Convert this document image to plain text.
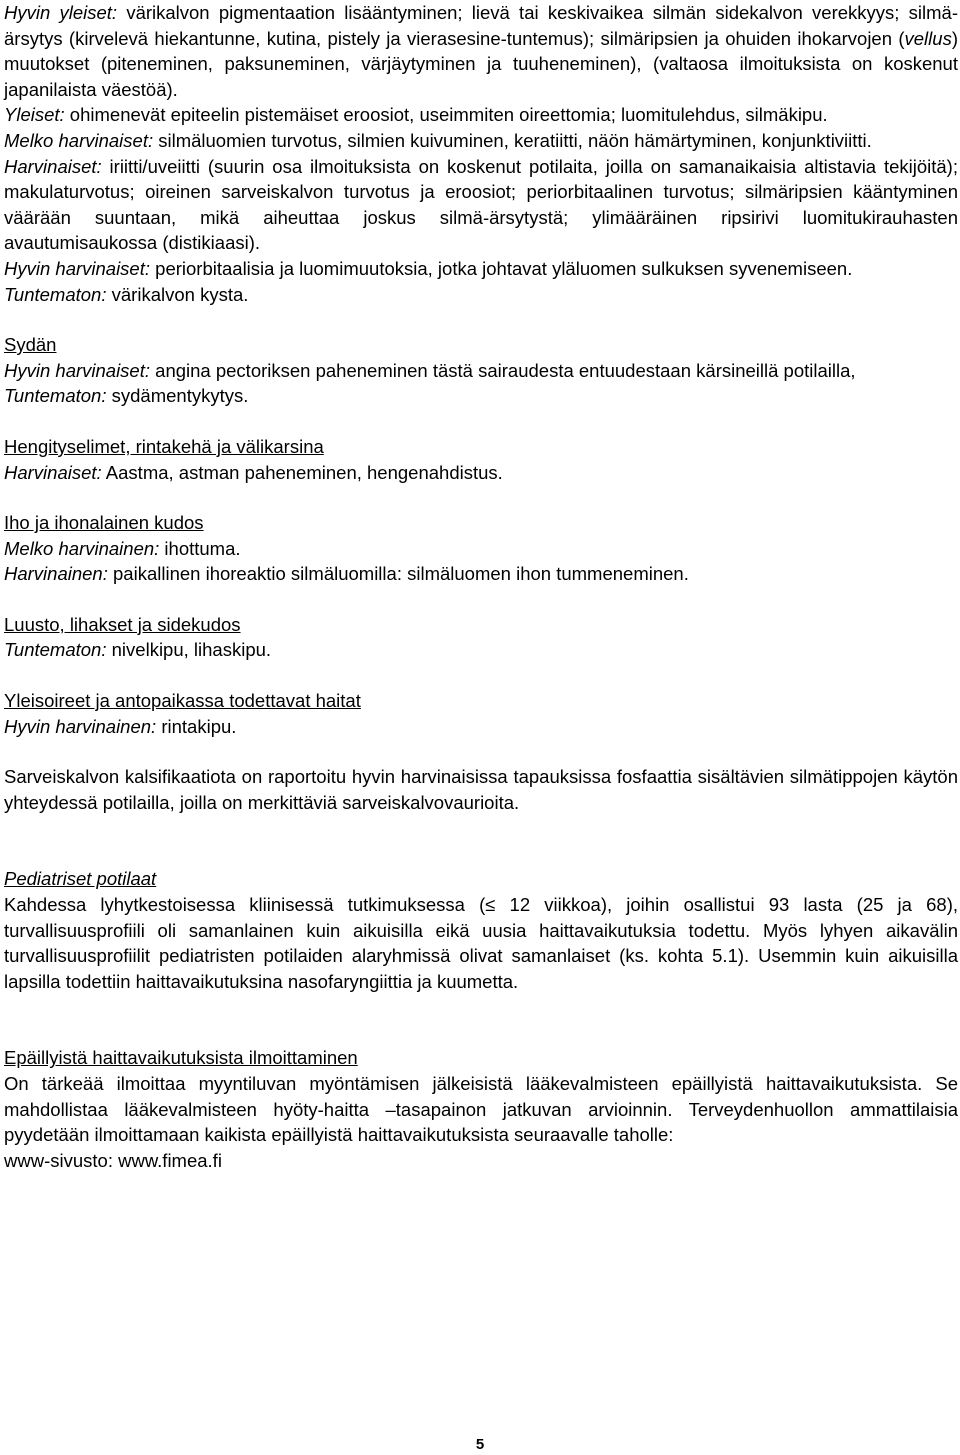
Hyvin yleiset: värikalvon pigmentaation lisääntyminen; lievä tai keskivaikea silmän sidekalvon verekkyys; silmä-ärsytys (kirvelevä hiekantunne, kutina, pistely ja vierasesine-tuntemus); silmäripsien ja ohuiden ihokarvojen (vellus) muutokset (piteneminen, paksuneminen, värjäytyminen ja tuuheneminen), (valtaosa ilmoituksista on koskenut japanilaista väestöä).

Yleiset: ohimenevät epiteelin pistemäiset eroosiot, useimmiten oireettomia; luomitulehdus, silmäkipu.

Melko harvinaiset: silmäluomien turvotus, silmien kuivuminen, keratiitti, näön hämärtyminen, konjunktiviitti.

Harvinaiset: iriitti/uveiitti (suurin osa ilmoituksista on koskenut potilaita, joilla on samanaikaisia altistavia tekijöitä); makulaturvotus; oireinen sarveiskalvon turvotus ja eroosiot; periorbitaalinen turvotus; silmäripsien kääntyminen väärään suuntaan, mikä aiheuttaa joskus silmä-ärsytystä; ylimääräinen ripsirivi luomitukirauhasten avautumisaukossa (distikiaasi).

Hyvin harvinaiset: periorbitaalisia ja luomimuutoksia, jotka johtavat yläluomen sulkuksen syvenemiseen.

Tuntematon: värikalvon kysta.

Sydän

Hyvin harvinaiset: angina pectoriksen paheneminen tästä sairaudesta entuudestaan kärsineillä potilailla,

Tuntematon: sydämentykytys.

Hengityselimet, rintakehä ja välikarsina

Harvinaiset: Aastma, astman paheneminen, hengenahdistus.

Iho ja ihonalainen kudos

Melko harvinainen: ihottuma.

Harvinainen: paikallinen ihoreaktio silmäluomilla: silmäluomen ihon tummeneminen.

Luusto, lihakset ja sidekudos

Tuntematon: nivelkipu, lihaskipu.

Yleisoireet ja antopaikassa todettavat haitat

Hyvin harvinainen: rintakipu.

Sarveiskalvon kalsifikaatiota on raportoitu hyvin harvinaisissa tapauksissa fosfaattia sisältävien silmätippojen käytön yhteydessä potilailla, joilla on merkittäviä sarveiskalvovaurioita.

Pediatriset potilaat

Kahdessa lyhytkestoisessa kliinisessä tutkimuksessa (≤ 12 viikkoa), joihin osallistui 93 lasta (25 ja 68), turvallisuusprofiili oli samanlainen kuin aikuisilla eikä uusia haittavaikutuksia todettu. Myös lyhyen aikavälin turvallisuusprofiilit pediatristen potilaiden alaryhmissä olivat samanlaiset (ks. kohta 5.1). Usemmin kuin aikuisilla lapsilla todettiin haittavaikutuksina nasofaryngiittia ja kuumetta.

Epäillyistä haittavaikutuksista ilmoittaminen

On tärkeää ilmoittaa myyntiluvan myöntämisen jälkeisistä lääkevalmisteen epäillyistä haittavaikutuksista. Se mahdollistaa lääkevalmisteen hyöty-haitta –tasapainon jatkuvan arvioinnin. Terveydenhuollon ammattilaisia pyydetään ilmoittamaan kaikista epäillyistä haittavaikutuksista seuraavalle taholle:

www-sivusto: www.fimea.fi

5
